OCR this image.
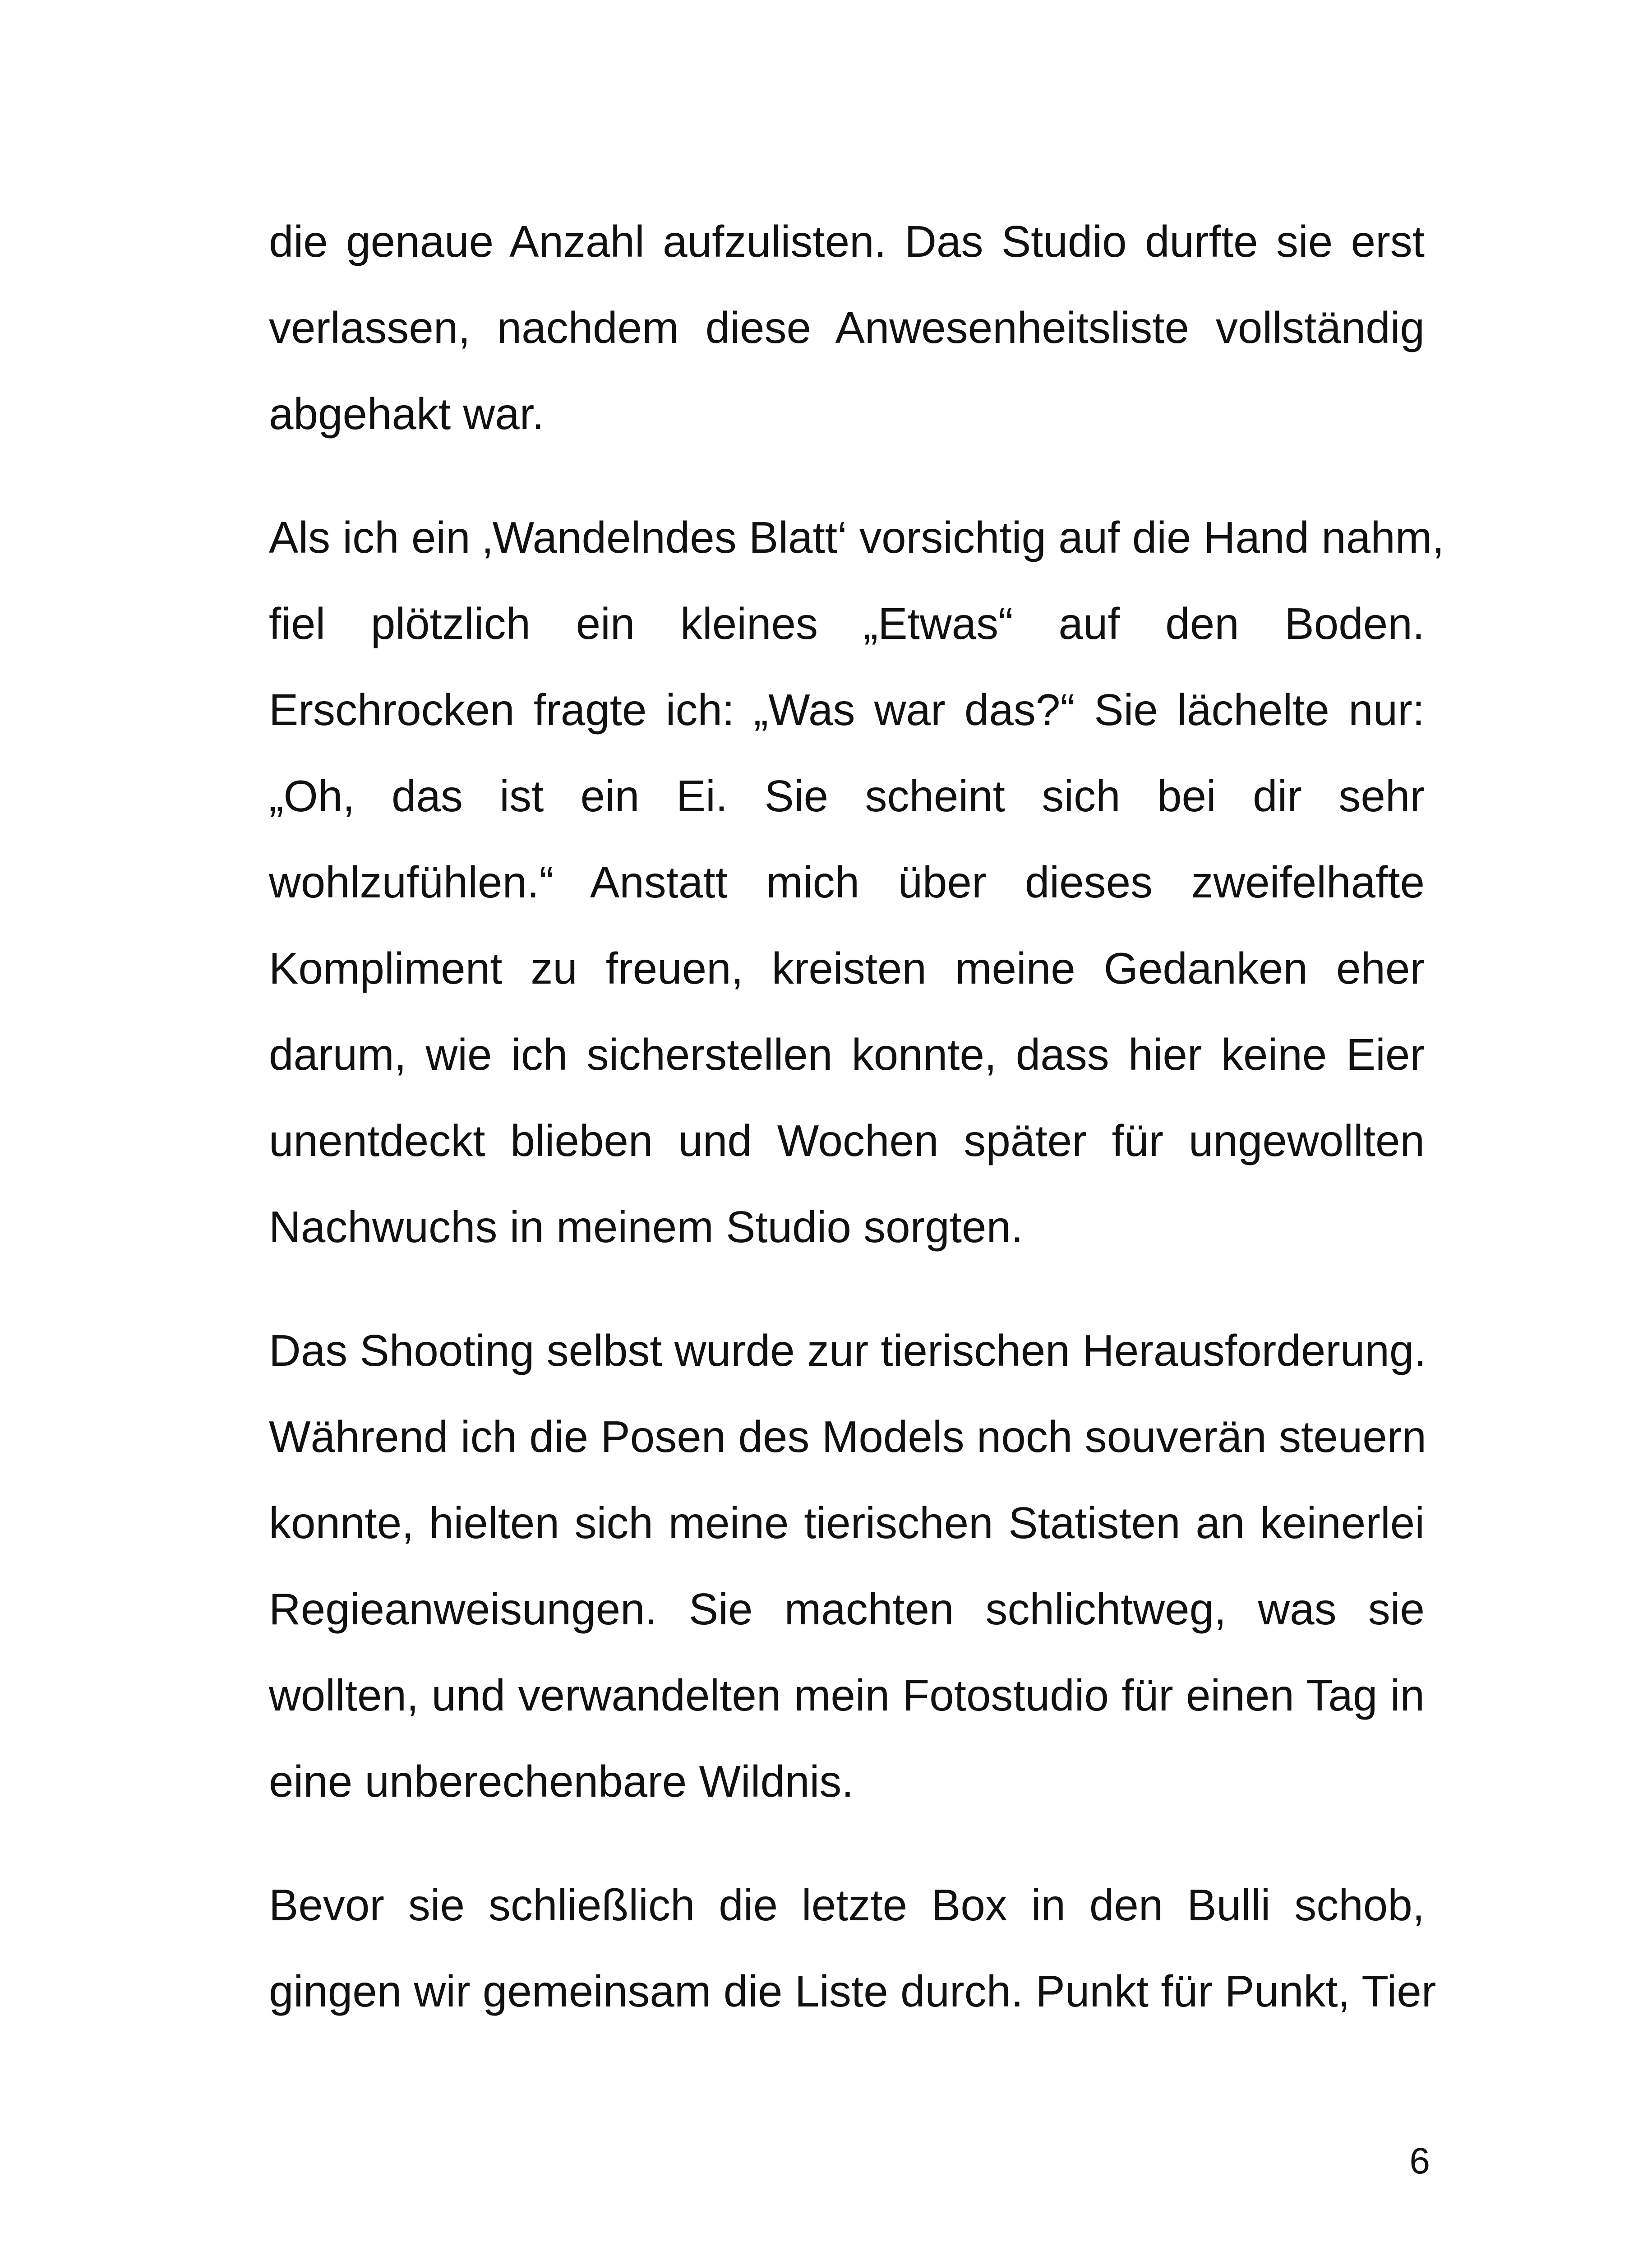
die genaue Anzahl aufzulisten. Das Studio durfte sie erst
verlassen, nachdem diese Anwesenheitsliste vollständig
abgehakt war.

Als ich ein ‚Wandelndes Blatt‘ vorsichtig auf die Hand nahm,
fiel plötzlich ein kleines „Etwas“ auf den Boden.
Erschrocken fragte ich: „Was war das?“ Sie lächelte nur:
„Oh, das ist ein Ei. Sie scheint sich bei dir sehr
wohlzufühlen.“ Anstatt mich über dieses zweifelhafte
Kompliment zu freuen, kreisten meine Gedanken eher
darum, wie ich sicherstellen konnte, dass hier keine Eier
unentdeckt blieben und Wochen später für ungewollten
Nachwuchs in meinem Studio sorgten.

Das Shooting selbst wurde zur tierischen Herausforderung.
Während ich die Posen des Models noch souverän steuern
konnte, hielten sich meine tierischen Statisten an keinerlei
Regieanweisungen. Sie machten schlichtweg, was sie
wollten, und verwandelten mein Fotostudio für einen Tag in
eine unberechenbare Wildnis.

Bevor sie schließlich die letzte Box in den Bulli schob,
gingen wir gemeinsam die Liste durch. Punkt für Punkt, Tier

6
